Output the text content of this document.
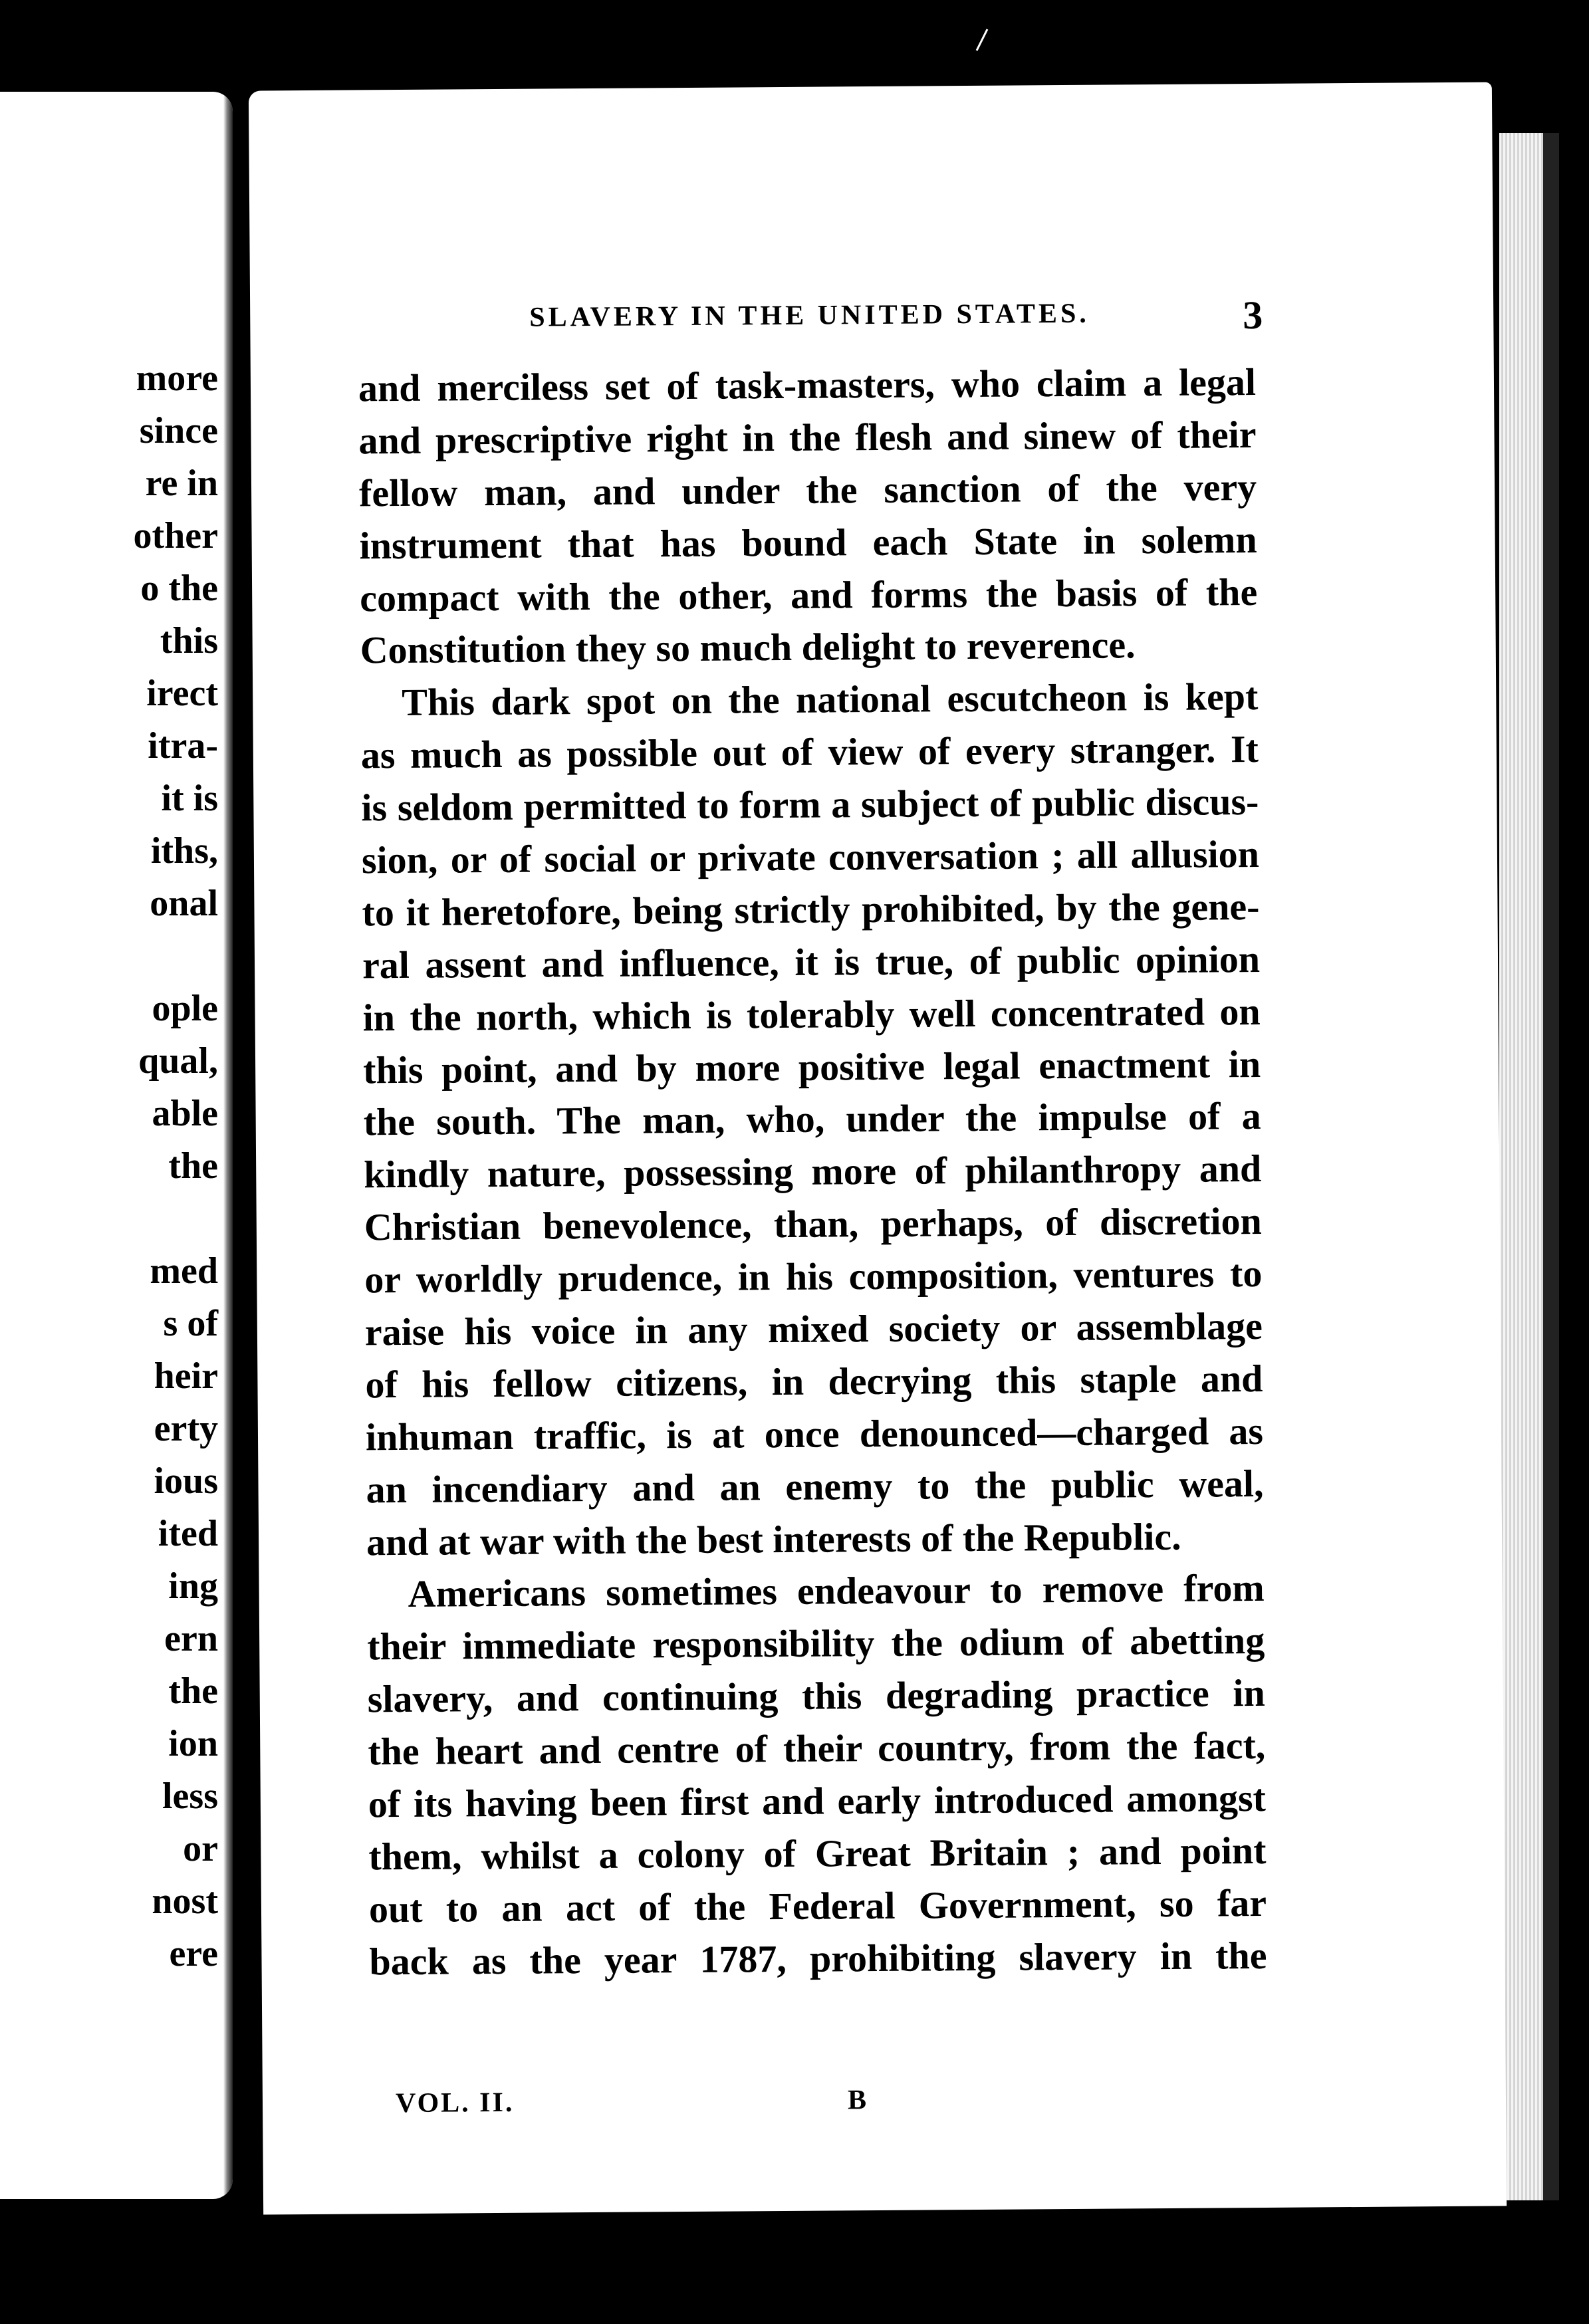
more
since
re in
other
o the
this
irect
itra-
it is
iths,
onal
ople
qual,
able
the
med
s of
heir
erty
ious
ited
ing
ern
the
ion
less
or
nost
ere
SLAVERY IN THE UNITED STATES.	3
and merciless set of task-masters, who claim a legal
and prescriptive right in the flesh and sinew of their
fellow man, and under the sanction of the very
instrument that has bound each State in solemn
compact with the other, and forms the basis of the
Constitution they so much delight to reverence.
This dark spot on the national escutcheon is kept
as much as possible out of view of every stranger. It
is seldom permitted to form a subject of public discus-
sion, or of social or private conversation ; all allusion
to it heretofore, being strictly prohibited, by the gene-
ral assent and influence, it is true, of public opinion
in the north, which is tolerably well concentrated on
this point, and by more positive legal enactment in
the south. The man, who, under the impulse of a
kindly nature, possessing more of philanthropy and
Christian benevolence, than, perhaps, of discretion
or worldly prudence, in his composition, ventures to
raise his voice in any mixed society or assemblage
of his fellow citizens, in decrying this staple and
inhuman traffic, is at once denounced—charged as
an incendiary and an enemy to the public weal,
and at war with the best interests of the Republic.
Americans sometimes endeavour to remove from
their immediate responsibility the odium of abetting
slavery, and continuing this degrading practice in
the heart and centre of their country, from the fact,
of its having been first and early introduced amongst
them, whilst a colony of Great Britain ; and point
out to an act of the Federal Government, so far
back as the year 1787, prohibiting slavery in the
VOL. II.	B
